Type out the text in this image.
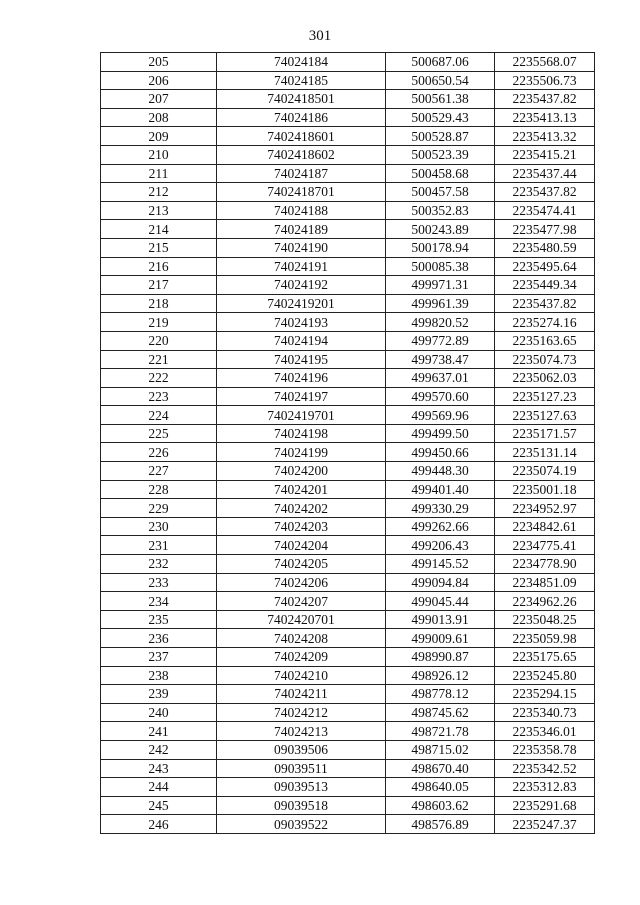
301
205	74024184	500687.06	2235568.07
206	74024185	500650.54	2235506.73
207	7402418501	500561.38	2235437.82
208	74024186	500529.43	2235413.13
209	7402418601	500528.87	2235413.32
210	7402418602	500523.39	2235415.21
211	74024187	500458.68	2235437.44
212	7402418701	500457.58	2235437.82
213	74024188	500352.83	2235474.41
214	74024189	500243.89	2235477.98
215	74024190	500178.94	2235480.59
216	74024191	500085.38	2235495.64
217	74024192	499971.31	2235449.34
218	7402419201	499961.39	2235437.82
219	74024193	499820.52	2235274.16
220	74024194	499772.89	2235163.65
221	74024195	499738.47	2235074.73
222	74024196	499637.01	2235062.03
223	74024197	499570.60	2235127.23
224	7402419701	499569.96	2235127.63
225	74024198	499499.50	2235171.57
226	74024199	499450.66	2235131.14
227	74024200	499448.30	2235074.19
228	74024201	499401.40	2235001.18
229	74024202	499330.29	2234952.97
230	74024203	499262.66	2234842.61
231	74024204	499206.43	2234775.41
232	74024205	499145.52	2234778.90
233	74024206	499094.84	2234851.09
234	74024207	499045.44	2234962.26
235	7402420701	499013.91	2235048.25
236	74024208	499009.61	2235059.98
237	74024209	498990.87	2235175.65
238	74024210	498926.12	2235245.80
239	74024211	498778.12	2235294.15
240	74024212	498745.62	2235340.73
241	74024213	498721.78	2235346.01
242	09039506	498715.02	2235358.78
243	09039511	498670.40	2235342.52
244	09039513	498640.05	2235312.83
245	09039518	498603.62	2235291.68
246	09039522	498576.89	2235247.37
